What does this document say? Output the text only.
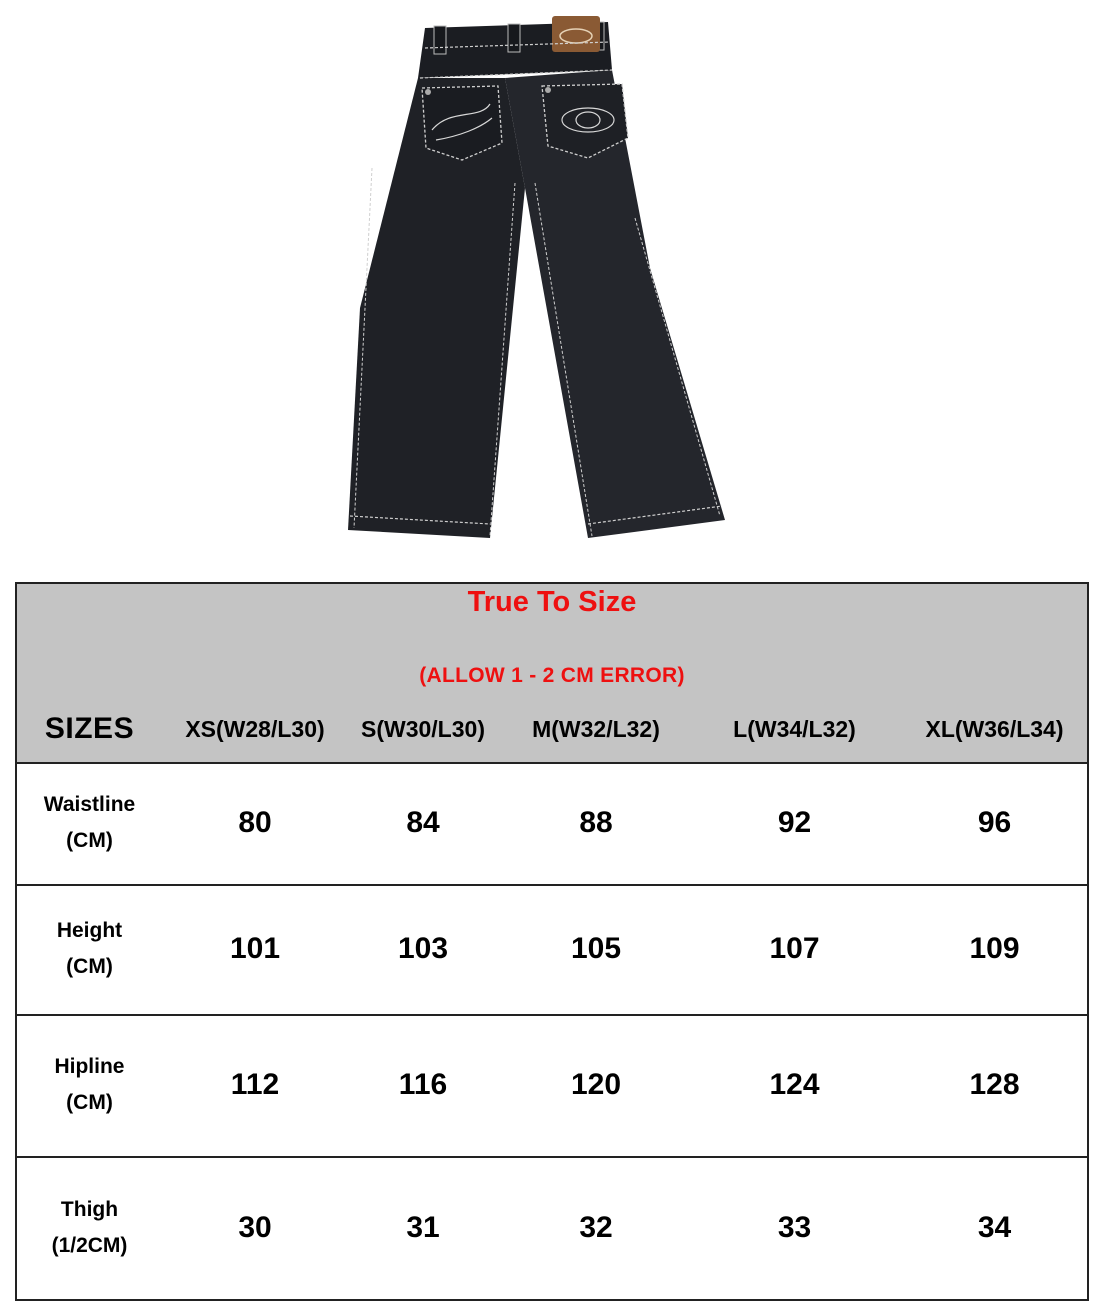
True To Size
(ALLOW 1 - 2 CM ERROR)
SIZES	XS(W28/L30)	S(W30/L30)	M(W32/L32)	L(W34/L32)	XL(W36/L34)
Waistline
(CM)
80	84	88	92	96
Height
(CM)
101	103	105	107	109
Hipline
(CM)
112	116	120	124	128
Thigh
(1/2CM)
30	31	32	33	34
